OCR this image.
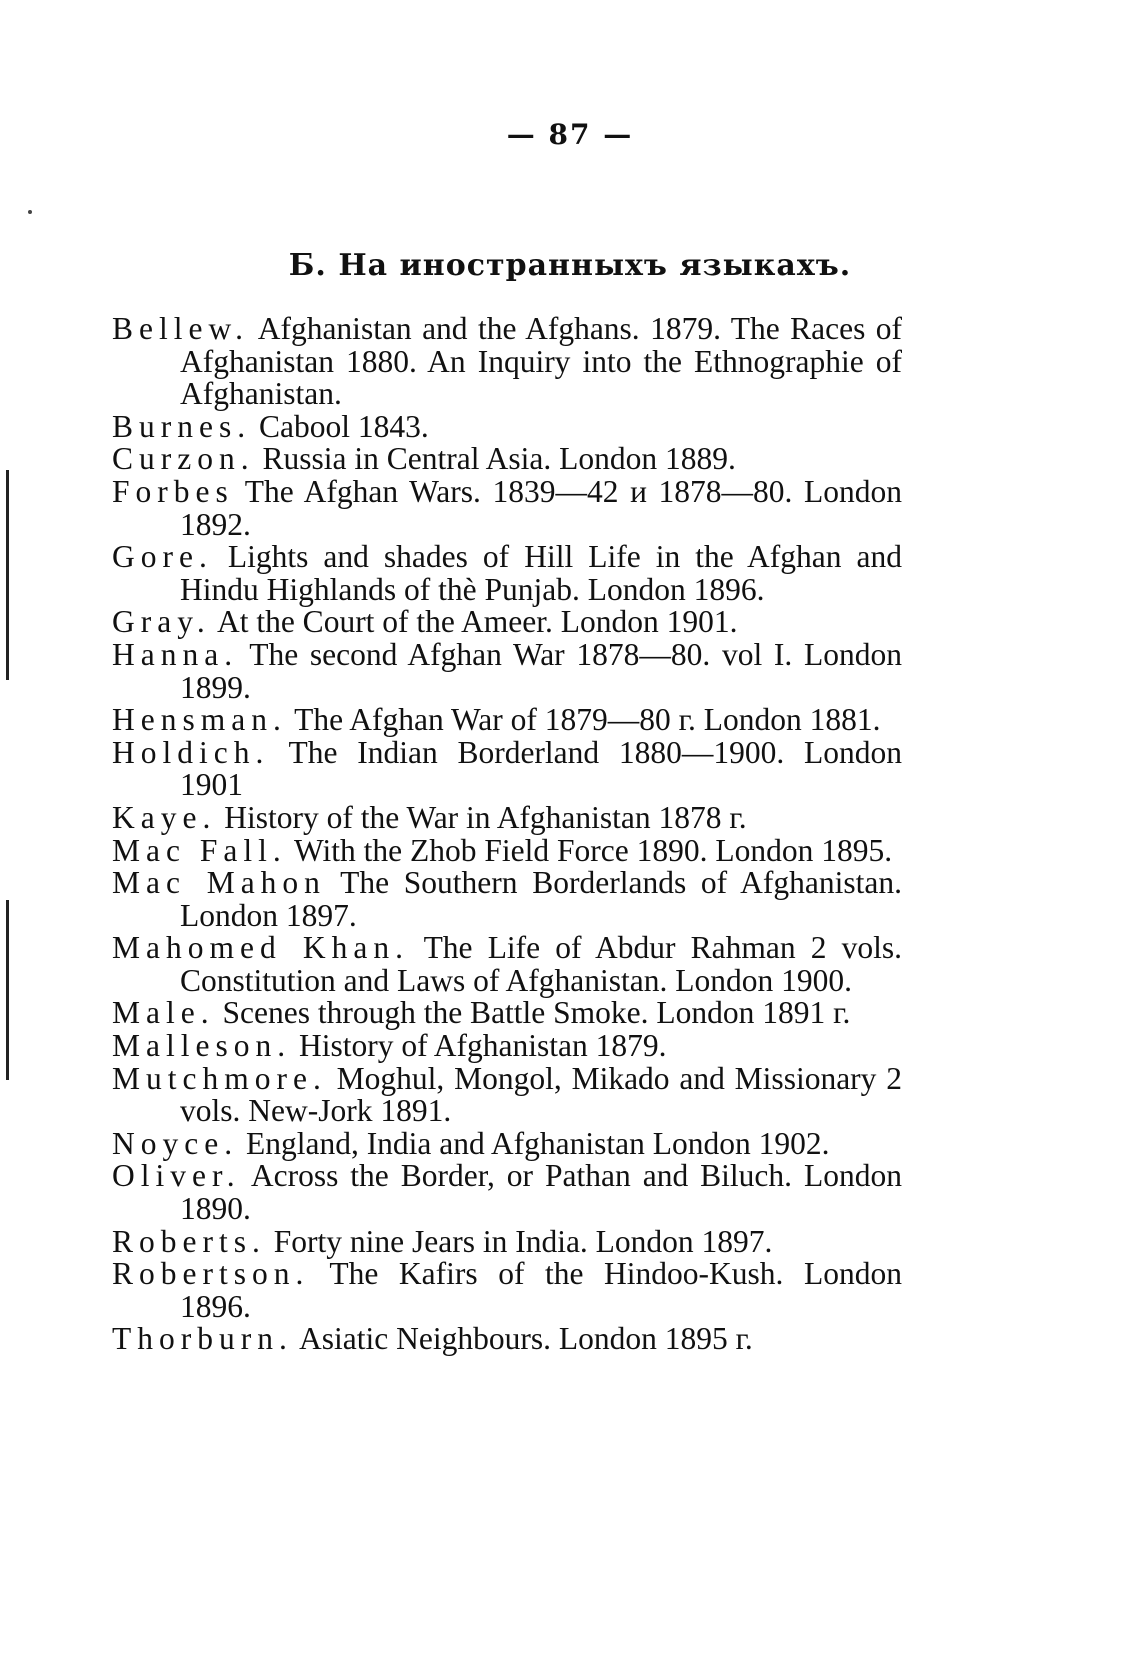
— 87 —
Б. На иностранныхъ языкахъ.

Bellew. Afghanistan and the Afghans. 1879. The Races of Afghanistan 1880. An Inquiry into the Ethnographie of Afghanistan.

Burnes. Cabool 1843.

Curzon. Russia in Central Asia. London 1889.

Forbes The Afghan Wars. 1839—42 и 1878—80. London 1892.

Gore. Lights and shades of Hill Life in the Afghan and Hindu Highlands of thè Punjab. London 1896.

Gray. At the Court of the Ameer. London 1901.

Hanna. The second Afghan War 1878—80. vol I. London 1899.

Hensman. The Afghan War of 1879—80 г. London 1881.

Holdich. The Indian Borderland 1880—1900. London 1901

Kaye. History of the War in Afghanistan 1878 г.

Mac Fall. With the Zhob Field Force 1890. London 1895.

Mac Mahon The Southern Borderlands of Afghanistan. London 1897.

Mahomed Khan. The Life of Abdur Rahman 2 vols. Constitution and Laws of Afghanistan. London 1900.

Male. Scenes through the Battle Smoke. London 1891 г.

Malleson. History of Afghanistan 1879.

Mutchmore. Moghul, Mongol, Mikado and Missionary 2 vols. New-Jork 1891.

Noyce. England, India and Afghanistan London 1902.

Oliver. Across the Border, or Pathan and Biluch. London 1890.

Roberts. Forty nine Jears in India. London 1897.

Robertson. The Kafirs of the Hindoo-Kush. London 1896.

Thorburn. Asiatic Neighbours. London 1895 г.
